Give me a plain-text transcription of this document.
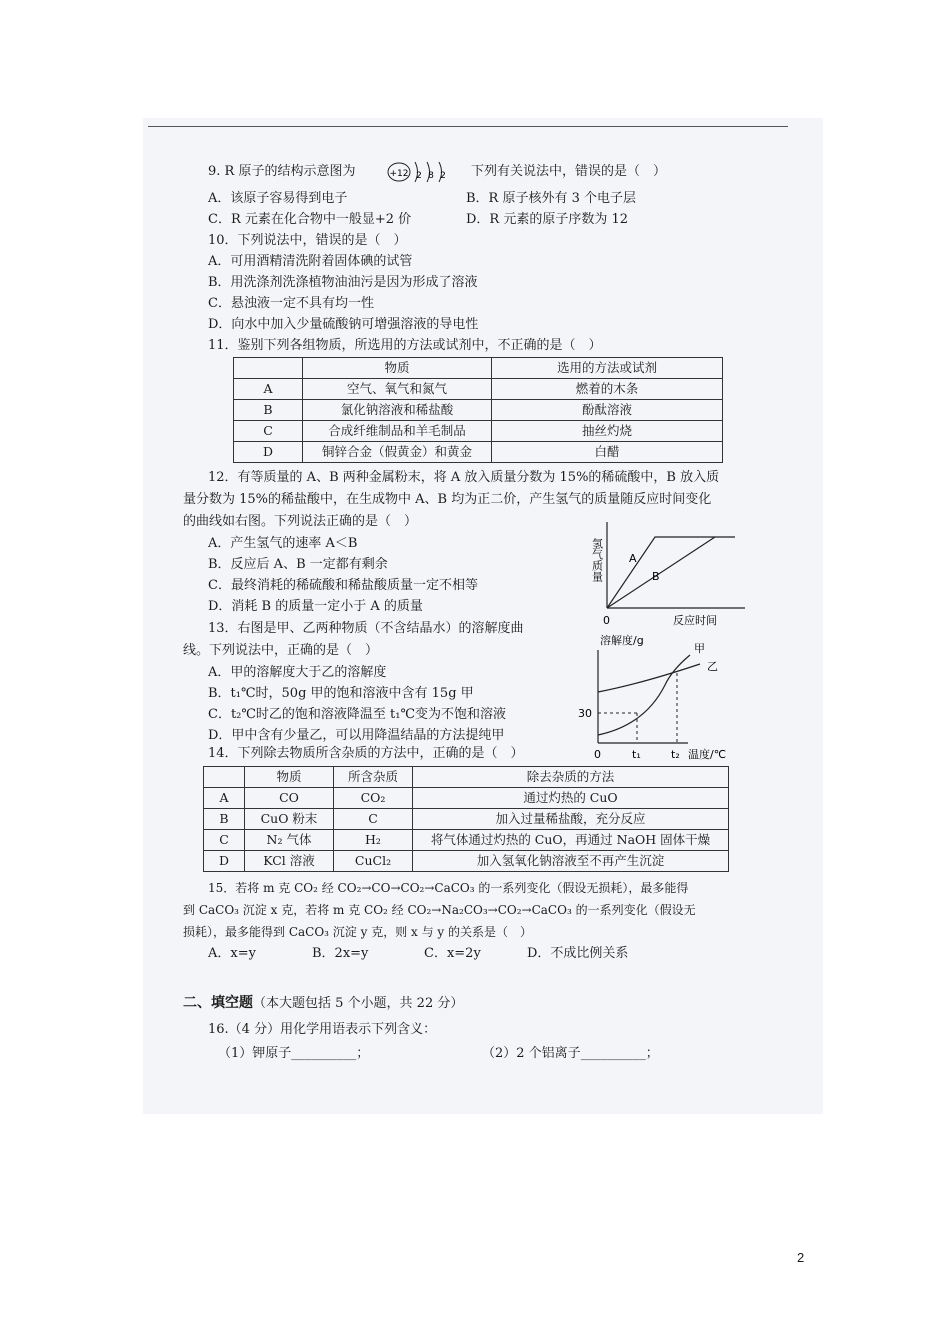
9. R 原子的结构示意图为	+12 2 8 2 下列有关说法中，错误的是（　）
A．该原子容易得到电子	B．R 原子核外有 3 个电子层
C．R 元素在化合物中一般显+2 价	D．R 元素的原子序数为 12
10．下列说法中，错误的是（　）
A．可用酒精清洗附着固体碘的试管
B．用洗涤剂洗涤植物油油污是因为形成了溶液
C．悬浊液一定不具有均一性
D．向水中加入少量硫酸钠可增强溶液的导电性
11．鉴别下列各组物质，所选用的方法或试剂中，不正确的是（　）
	物质	选用的方法或试剂
A	空气、氧气和氮气	燃着的木条
B	氯化钠溶液和稀盐酸	酚酞溶液
C	合成纤维制品和羊毛制品	抽丝灼烧
D	铜锌合金（假黄金）和黄金	白醋
12．有等质量的 A、B 两种金属粉末，将 A 放入质量分数为 15%的稀硫酸中，B 放入质
量分数为 15%的稀盐酸中，在生成物中 A、B 均为正二价，产生氢气的质量随反应时间变化
的曲线如右图。下列说法正确的是（　）
A．产生氢气的速率 A＜B
B．反应后 A、B 一定都有剩余
C．最终消耗的稀硫酸和稀盐酸质量一定不相等
D．消耗 B 的质量一定小于 A 的质量
氢气质量 A
B
0	反应时间
13．右图是甲、乙两种物质（不含结晶水）的溶解度曲
线。下列说法中，正确的是（　）
A．甲的溶解度大于乙的溶解度
B．t₁℃时，50g 甲的饱和溶液中含有 15g 甲
C．t₂℃时乙的饱和溶液降温至 t₁℃变为不饱和溶液
D．甲中含有少量乙，可以用降温结晶的方法提纯甲
溶解度/g
甲
乙
30
0	t₁	t₂ 温度/℃
14．下列除去物质所含杂质的方法中，正确的是（　）
	物质	所含杂质	除去杂质的方法
A	CO	CO₂	通过灼热的 CuO
B	CuO 粉末	C	加入过量稀盐酸，充分反应
C	N₂ 气体	H₂	将气体通过灼热的 CuO，再通过 NaOH 固体干燥
D	KCl 溶液	CuCl₂	加入氢氧化钠溶液至不再产生沉淀
15．若将 m 克 CO₂ 经 CO₂→CO→CO₂→CaCO₃ 的一系列变化（假设无损耗），最多能得
到 CaCO₃ 沉淀 x 克，若将 m 克 CO₂ 经 CO₂→Na₂CO₃→CO₂→CaCO₃ 的一系列变化（假设无
损耗），最多能得到 CaCO₃ 沉淀 y 克，则 x 与 y 的关系是（　）
A．x=y	B．2x=y	C．x=2y	D．不成比例关系
二、填空题（本大题包括 5 个小题，共 22 分）
16.（4 分）用化学用语表示下列含义：
（1）钾原子__________；	（2）2 个铝离子__________；
2
